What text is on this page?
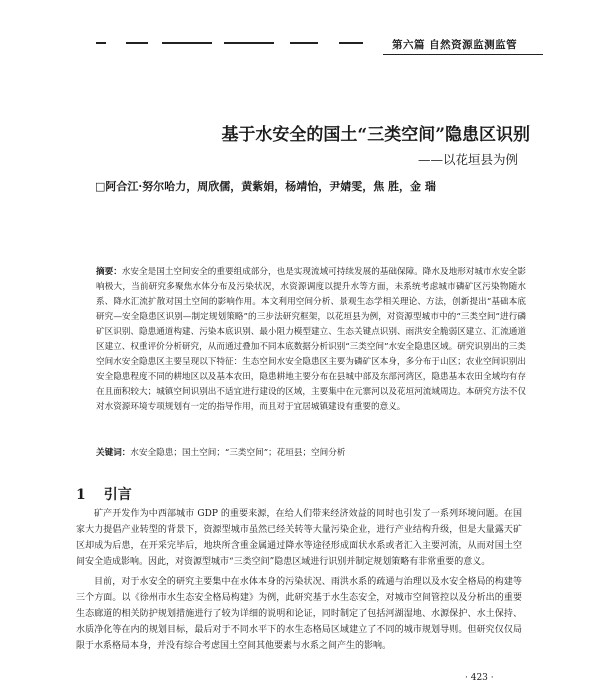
第六篇 自然资源监测监管
基于水安全的国土“三类空间”隐患区识别
——以花垣县为例
□阿合江·努尔哈力，周欣儒，黄紫娟，杨靖怡，尹婧雯，焦 胜，金 瑞
摘要：水安全是国土空间安全的重要组成部分，也是实现流域可持续发展的基础保障。降水及地形对城市水安全影响极大，当前研究多聚焦水体分布及污染状况，水资源调度以提升水等方面，未系统考虑城市磷矿区污染物随水系、降水汇流扩散对国土空间的影响作用。本文利用空间分析、景观生态学相关理论、方法，创新提出“基础本底研究—安全隐患区识别—制定规划策略”的三步法研究框架，以花垣县为例，对资源型城市中的“三类空间”进行磷矿区识别、隐患通道构建、污染本底识别、最小阻力模型建立、生态关键点识别、雨洪安全脆弱区建立、汇流通道区建立、权重评价分析研究，从而通过叠加不同本底数据分析识别“三类空间”水安全隐患区域。研究识别出的三类空间水安全隐患区主要呈现以下特征：生态空间水安全隐患区主要为磷矿区本身，多分布于山区；农业空间识别出安全隐患程度不同的耕地区以及基本农田，隐患耕地主要分布在县城中部及东部河湾区，隐患基本农田全域均有存在且面积较大；城镇空间识别出不适宜进行建设的区域，主要集中在元寨河以及花垣河流域周边。本研究方法不仅对水资源环境专项规划有一定的指导作用，而且对于宜居城镇建设有重要的意义。
关键词：水安全隐患；国土空间；“三类空间”；花垣县；空间分析
1 引言

矿产开发作为中西部城市 GDP 的重要来源，在给人们带来经济效益的同时也引发了一系列环境问题。在国家大力提倡产业转型的背景下，资源型城市虽然已经关转等大量污染企业，进行产业结构升级，但是大量露天矿区却成为后患，在开采完毕后，地块所含重金属通过降水等途径形成面状水系或者汇入主要河流，从而对国土空间安全造成影响。因此，对资源型城市“三类空间”隐患区域进行识别并制定规划策略有非常重要的意义。

目前，对于水安全的研究主要集中在水体本身的污染状况、雨洪水系的疏通与治理以及水安全格局的构建等三个方面。以《徐州市水生态安全格局构建》为例，此研究基于水生态安全，对城市空间管控以及分析出的重要生态廊道的相关防护规划措施进行了较为详细的说明和论证，同时制定了包括河湖湿地、水源保护、水土保持、水质净化等在内的规划目标，最后对于不同水平下的水生态格局区域建立了不同的城市规划导则。但研究仅仅局限于水系格局本身，并没有综合考虑国土空间其他要素与水系之间产生的影响。

· 423 ·
